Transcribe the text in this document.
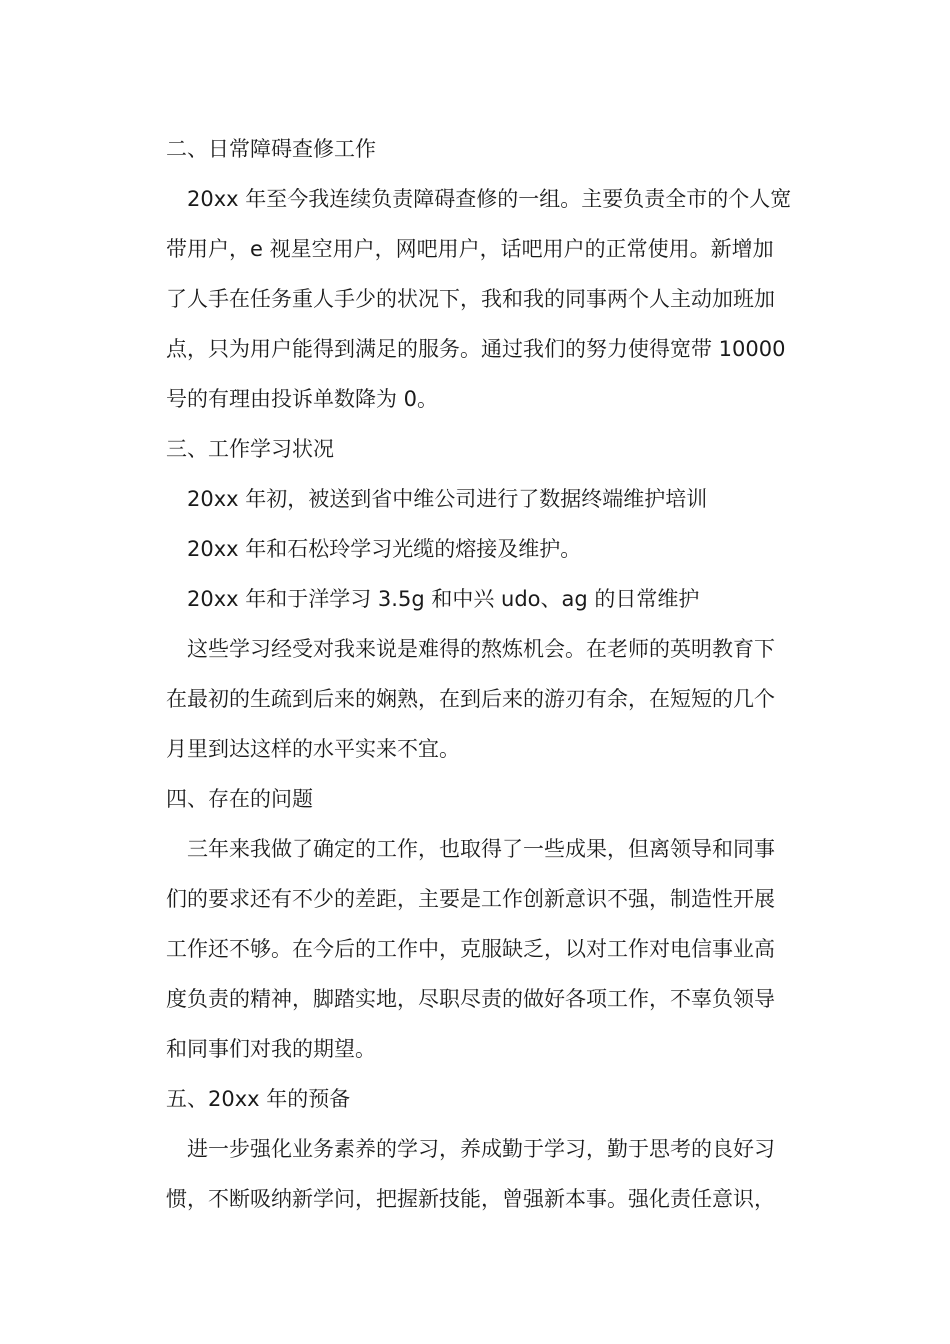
二、日常障碍查修工作
20xx 年至今我连续负责障碍查修的一组。主要负责全市的个人宽
带用户，e 视星空用户，网吧用户，话吧用户的正常使用。新增加
了人手在任务重人手少的状况下，我和我的同事两个人主动加班加
点，只为用户能得到满足的服务。通过我们的努力使得宽带 10000
号的有理由投诉单数降为 0。
三、工作学习状况
20xx 年初，被送到省中维公司进行了数据终端维护培训
20xx 年和石松玲学习光缆的熔接及维护。
20xx 年和于洋学习 3.5g 和中兴 udo、ag 的日常维护
这些学习经受对我来说是难得的熬炼机会。在老师的英明教育下
在最初的生疏到后来的娴熟，在到后来的游刃有余，在短短的几个
月里到达这样的水平实来不宜。
四、存在的问题
三年来我做了确定的工作，也取得了一些成果，但离领导和同事
们的要求还有不少的差距，主要是工作创新意识不强，制造性开展
工作还不够。在今后的工作中，克服缺乏，以对工作对电信事业高
度负责的精神，脚踏实地，尽职尽责的做好各项工作，不辜负领导
和同事们对我的期望。
五、20xx 年的预备
进一步强化业务素养的学习，养成勤于学习，勤于思考的良好习
惯，不断吸纳新学问，把握新技能，曾强新本事。强化责任意识，
